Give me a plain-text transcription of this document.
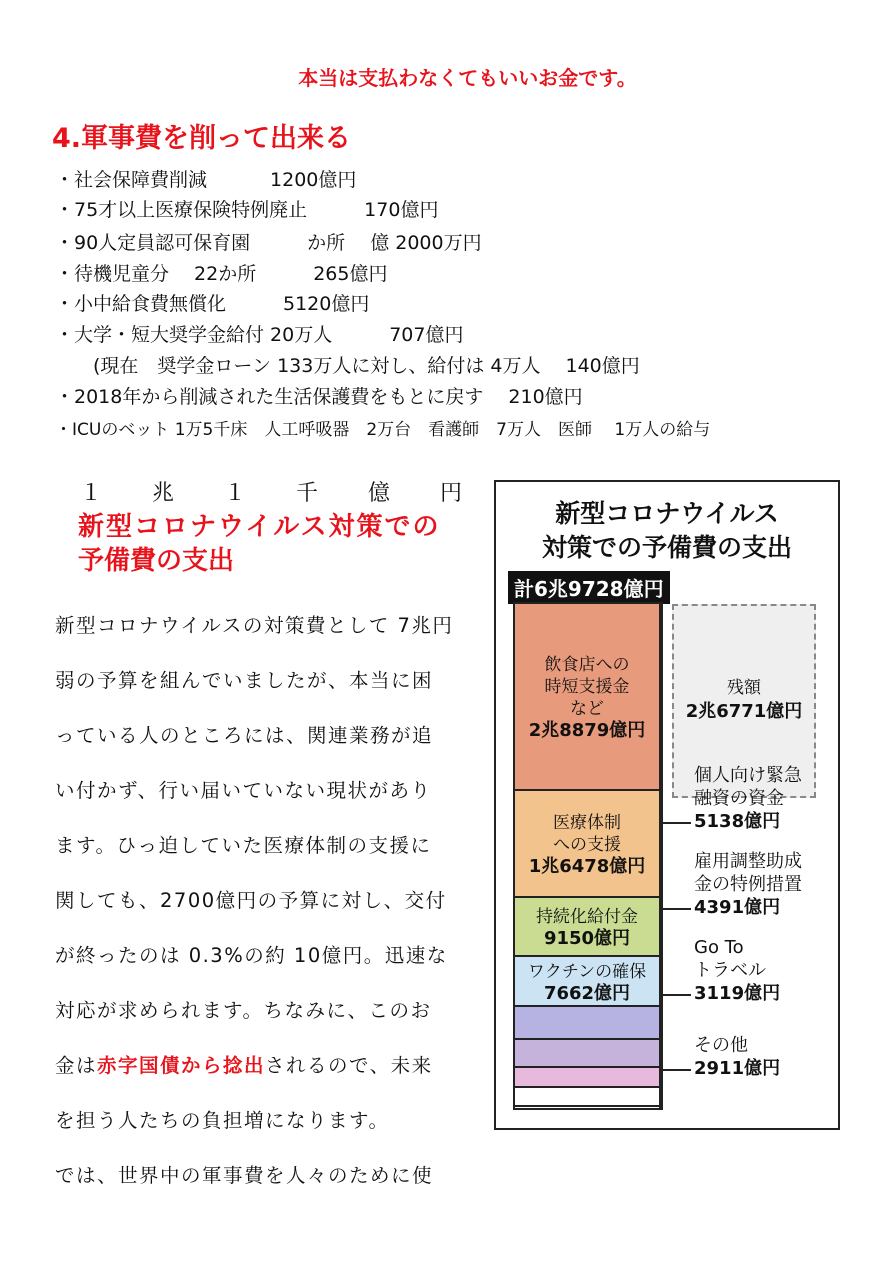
本当は支払わなくてもいいお金です。
4.軍事費を削って出来る
・社会保障費削減　　　 1200億円
・75才以上医療保険特例廃止　　　170億円
・90人定員認可保育園　　　か所　 億 2000万円
・待機児童分　 22か所　　　265億円
・小中給食費無償化　　　5120億円
・大学・短大奨学金給付 20万人　　　707億円
　　(現在　奨学金ローン 133万人に対し、給付は 4万人　 140億円
・2018年から削減された生活保護費をもとに戻す　 210億円
・ICUのベット 1万5千床　人工呼吸器　2万台　看護師　7万人　医師　 1万人の給与
１ 兆 １ 千 億 円
新型コロナウイルス対策での
予備費の支出

新型コロナウイルスの対策費として 7兆円

弱の予算を組んでいましたが、本当に困

っている人のところには、関連業務が追

い付かず、行い届いていない現状があり

ます。ひっ迫していた医療体制の支援に

関しても、2700億円の予算に対し、交付

が終ったのは 0.3%の約 10億円。迅速な

対応が求められます。ちなみに、このお

金は赤字国債から捻出されるので、未来

を担う人たちの負担増になります。

では、世界中の軍事費を人々のために使

新型コロナウイルス
対策での予備費の支出
計6兆9728億円
飲食店への
時短支援金
など
2兆8879億円
医療体制
への支援
1兆6478億円
持続化給付金
9150億円
ワクチンの確保
7662億円
残額
2兆6771億円
個人向け緊急
融資の資金
5138億円
雇用調整助成
金の特例措置
4391億円
Go To
トラベル
3119億円
その他
2911億円
